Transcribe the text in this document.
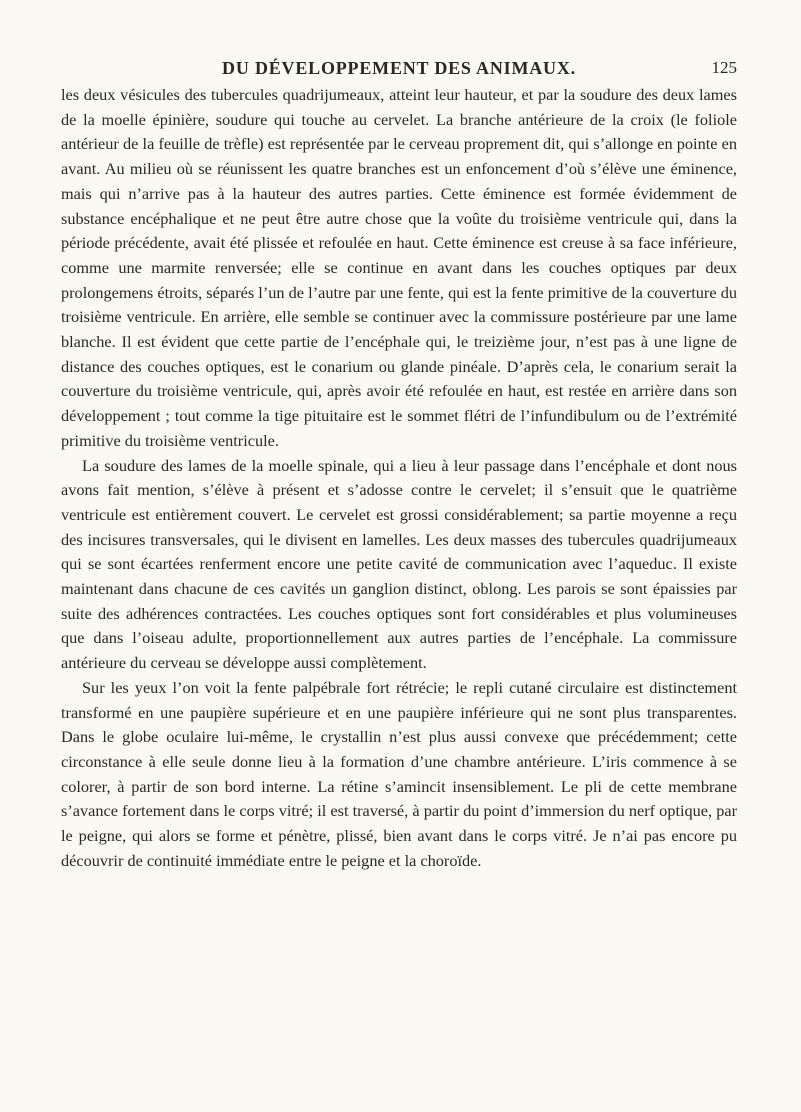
DU DÉVELOPPEMENT DES ANIMAUX.	125

les deux vésicules des tubercules quadrijumeaux, atteint leur hauteur, et par la soudure des deux lames de la moelle épinière, soudure qui touche au cervelet. La branche antérieure de la croix (le foliole antérieur de la feuille de trèfle) est représentée par le cerveau proprement dit, qui s’allonge en pointe en avant. Au milieu où se réunissent les quatre branches est un enfoncement d’où s’élève une éminence, mais qui n’arrive pas à la hauteur des autres parties. Cette éminence est formée évidemment de substance encéphalique et ne peut être autre chose que la voûte du troisième ventricule qui, dans la période précédente, avait été plissée et refoulée en haut. Cette éminence est creuse à sa face inférieure, comme une marmite renversée; elle se continue en avant dans les couches optiques par deux prolongemens étroits, séparés l’un de l’autre par une fente, qui est la fente primitive de la couverture du troisième ventricule. En arrière, elle semble se continuer avec la commissure postérieure par une lame blanche. Il est évident que cette partie de l’encéphale qui, le treizième jour, n’est pas à une ligne de distance des couches optiques, est le conarium ou glande pinéale. D’après cela, le conarium serait la couverture du troisième ventricule, qui, après avoir été refoulée en haut, est restée en arrière dans son développement ; tout comme la tige pituitaire est le sommet flétri de l’infundibulum ou de l’extrémité primitive du troisième ventricule.

La soudure des lames de la moelle spinale, qui a lieu à leur passage dans l’encéphale et dont nous avons fait mention, s’élève à présent et s’adosse contre le cervelet; il s’ensuit que le quatrième ventricule est entièrement couvert. Le cervelet est grossi considérablement; sa partie moyenne a reçu des incisures transversales, qui le divisent en lamelles. Les deux masses des tubercules quadrijumeaux qui se sont écartées renferment encore une petite cavité de communication avec l’aqueduc. Il existe maintenant dans chacune de ces cavités un ganglion distinct, oblong. Les parois se sont épaissies par suite des adhérences contractées. Les couches optiques sont fort considérables et plus volumineuses que dans l’oiseau adulte, proportionnellement aux autres parties de l’encéphale. La commissure antérieure du cerveau se développe aussi complètement.

Sur les yeux l’on voit la fente palpébrale fort rétrécie; le repli cutané circulaire est distinctement transformé en une paupière supérieure et en une paupière inférieure qui ne sont plus transparentes. Dans le globe oculaire lui-même, le crystallin n’est plus aussi convexe que précédemment; cette circonstance à elle seule donne lieu à la formation d’une chambre antérieure. L’iris commence à se colorer, à partir de son bord interne. La rétine s’amincit insensiblement. Le pli de cette membrane s’avance fortement dans le corps vitré; il est traversé, à partir du point d’immersion du nerf optique, par le peigne, qui alors se forme et pénètre, plissé, bien avant dans le corps vitré. Je n’ai pas encore pu découvrir de continuité immédiate entre le peigne et la choroïde.
